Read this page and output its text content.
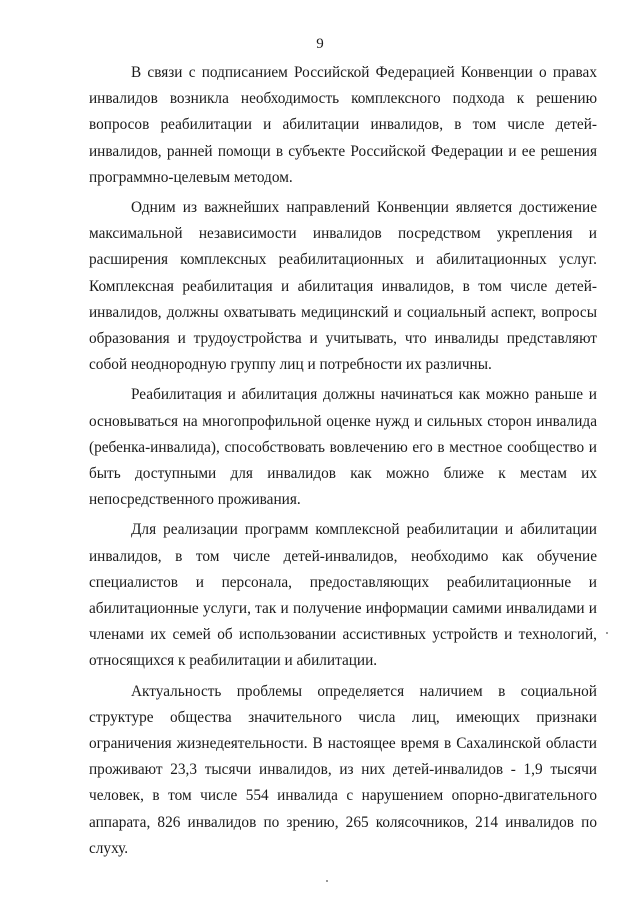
9

В связи с подписанием Российской Федерацией Конвенции о правах инвалидов возникла необходимость комплексного подхода к решению вопросов реабилитации и абилитации инвалидов, в том числе детей-инвалидов, ранней помощи в субъекте Российской Федерации и ее решения программно-целевым методом.

Одним из важнейших направлений Конвенции является достижение максимальной независимости инвалидов посредством укрепления и расширения комплексных реабилитационных и абилитационных услуг. Комплексная реабилитация и абилитация инвалидов, в том числе детей-инвалидов, должны охватывать медицинский и социальный аспект, вопросы образования и трудоустройства и учитывать, что инвалиды представляют собой неоднородную группу лиц и потребности их различны.

Реабилитация и абилитация должны начинаться как можно раньше и основываться на многопрофильной оценке нужд и сильных сторон инвалида (ребенка-инвалида), способствовать вовлечению его в местное сообщество и быть доступными для инвалидов как можно ближе к местам их непосредственного проживания.

Для реализации программ комплексной реабилитации и абилитации инвалидов, в том числе детей-инвалидов, необходимо как обучение специалистов и персонала, предоставляющих реабилитационные и абилитационные услуги, так и получение информации самими инвалидами и членами их семей об использовании ассистивных устройств и технологий, относящихся к реабилитации и абилитации.

Актуальность проблемы определяется наличием в социальной структуре общества значительного числа лиц, имеющих признаки ограничения жизнедеятельности. В настоящее время в Сахалинской области проживают 23,3 тысячи инвалидов, из них детей-инвалидов - 1,9 тысячи человек, в том числе 554 инвалида с нарушением опорно-двигательного аппарата, 826 инвалидов по зрению, 265 колясочников, 214 инвалидов по слуху.
